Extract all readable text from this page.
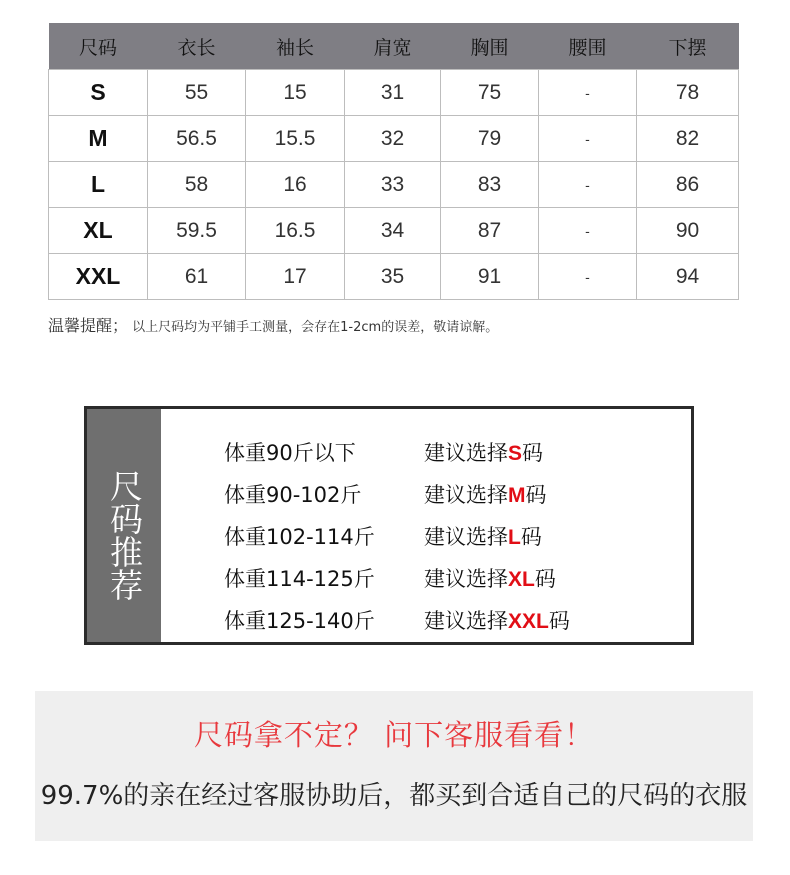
尺码	衣长	袖长	肩宽	胸围	腰围	下摆
S	55	15	31	75	-	78
M	56.5	15.5	32	79	-	82
L	58	16	33	83	-	86
XL	59.5	16.5	34	87	-	90
XXL	61	17	35	91	-	94
温馨提醒； 以上尺码均为平铺手工测量，会存在1-2cm的误差，敬请谅解。
尺码推荐
体重90斤以下	建议选择S码
体重90-102斤	建议选择M码
体重102-114斤 建议选择L码
体重114-125斤 建议选择XL码
体重125-140斤 建议选择XXL码
尺码拿不定？ 问下客服看看！
99.7%的亲在经过客服协助后，都买到合适自己的尺码的衣服
